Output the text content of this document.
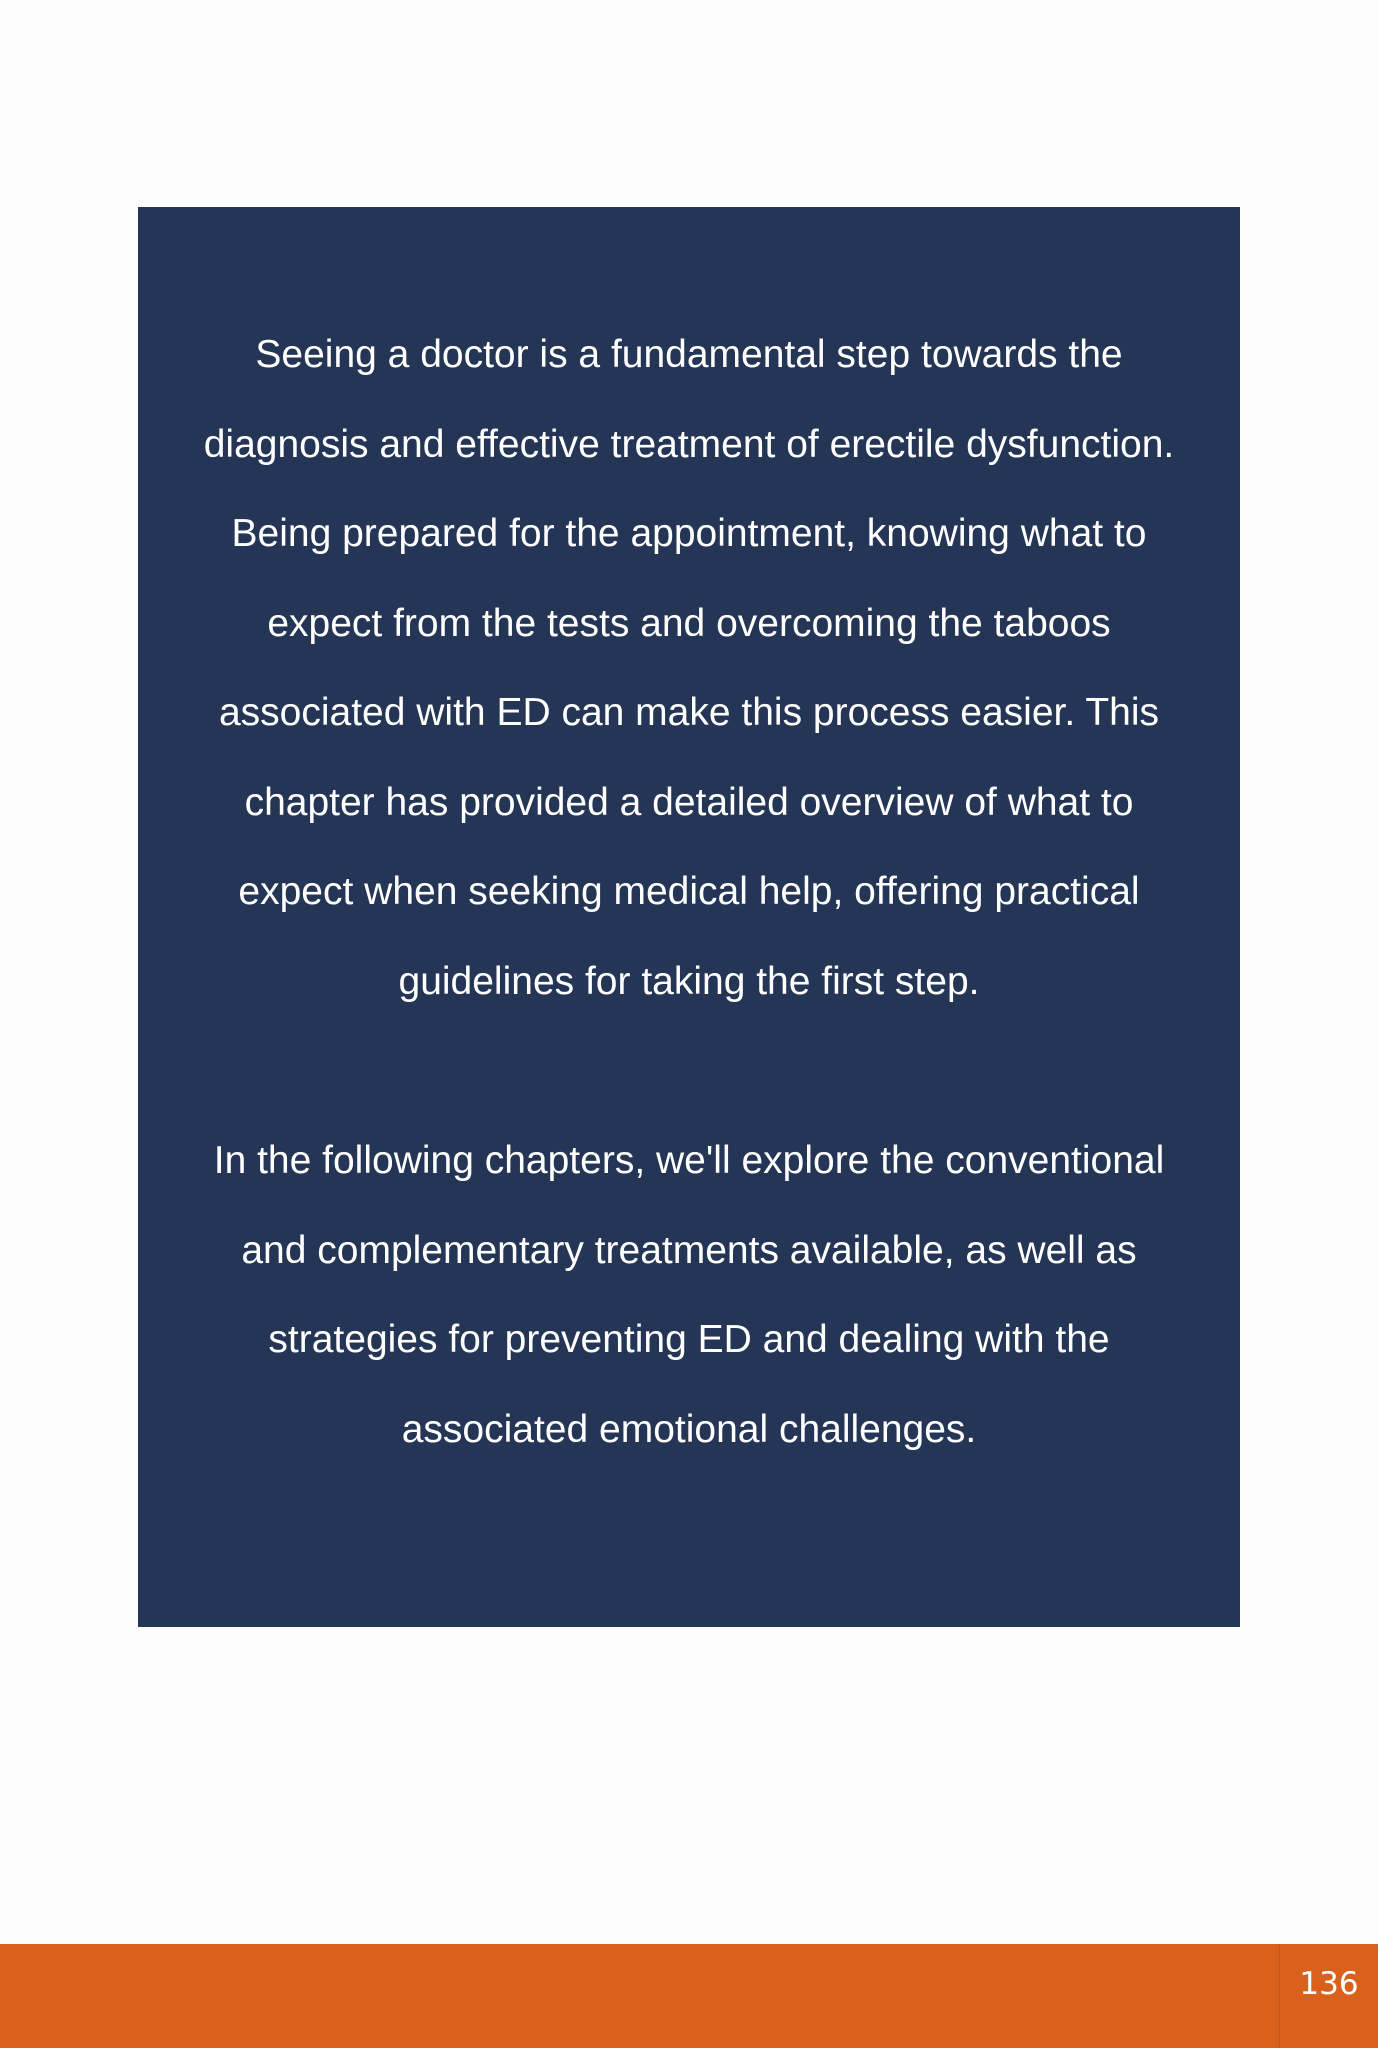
Seeing a doctor is a fundamental step towards the
diagnosis and effective treatment of erectile dysfunction.
Being prepared for the appointment, knowing what to
expect from the tests and overcoming the taboos
associated with ED can make this process easier. This
chapter has provided a detailed overview of what to
expect when seeking medical help, offering practical
guidelines for taking the first step.

In the following chapters, we'll explore the conventional
and complementary treatments available, as well as
strategies for preventing ED and dealing with the
associated emotional challenges.

136
